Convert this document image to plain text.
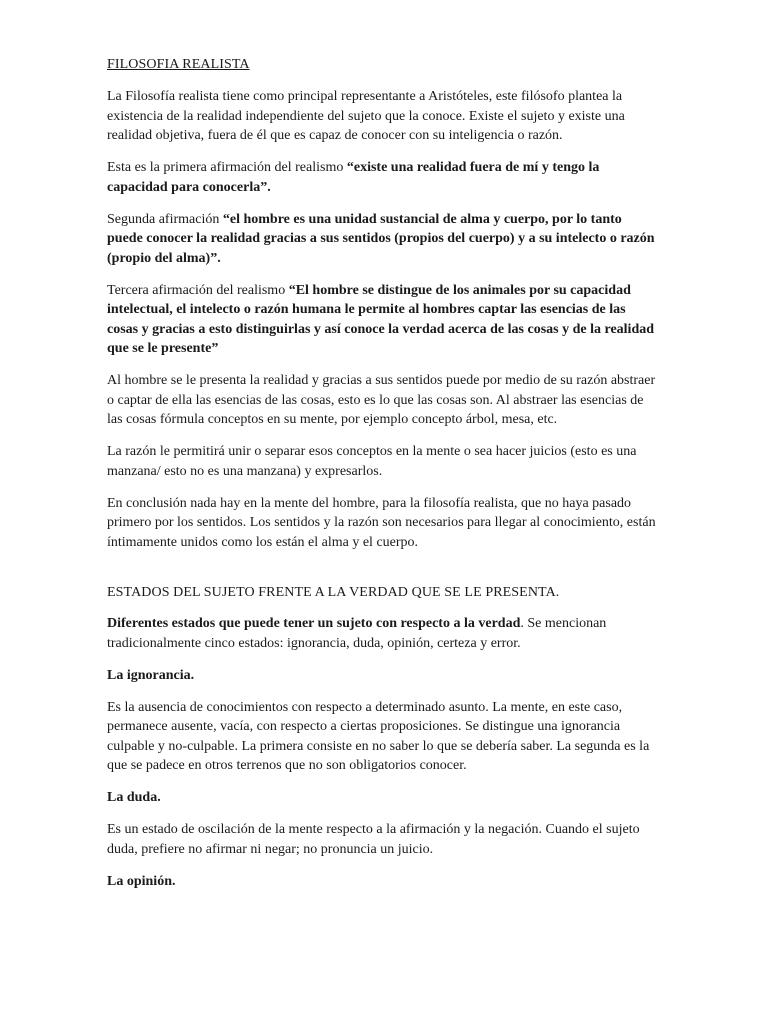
FILOSOFIA REALISTA

La Filosofía realista tiene como principal representante a Aristóteles, este filósofo plantea la existencia de la realidad independiente del sujeto que la conoce. Existe el sujeto y existe una realidad objetiva, fuera de él que es capaz de conocer con su inteligencia o razón.

Esta es la primera afirmación del realismo “existe una realidad fuera de mí y tengo la capacidad para conocerla”.

Segunda afirmación “el hombre es una unidad sustancial de alma y cuerpo, por lo tanto puede conocer la realidad gracias a sus sentidos (propios del cuerpo) y a su intelecto o razón (propio del alma)”.

Tercera afirmación del realismo “El hombre se distingue de los animales por su capacidad intelectual, el intelecto o razón humana le permite al hombres captar las esencias de las cosas y gracias a esto distinguirlas y así conoce la verdad acerca de las cosas y de la realidad que se le presente”

Al hombre se le presenta la realidad y gracias a sus sentidos puede por medio de su razón abstraer o captar de ella las esencias de las cosas, esto es lo que las cosas son. Al abstraer las esencias de las cosas fórmula conceptos en su mente, por ejemplo concepto árbol, mesa, etc.

La razón le permitirá unir o separar esos conceptos en la mente o sea hacer juicios (esto es una manzana/ esto no es una manzana) y expresarlos.

En conclusión nada hay en la mente del hombre, para la filosofía realista, que no haya pasado primero por los sentidos. Los sentidos y la razón son necesarios para llegar al conocimiento, están íntimamente unidos como los están el alma y el cuerpo.

ESTADOS DEL SUJETO FRENTE A LA VERDAD QUE SE LE PRESENTA.

Diferentes estados que puede tener un sujeto con respecto a la verdad. Se mencionan tradicionalmente cinco estados: ignorancia, duda, opinión, certeza y error.

La ignorancia.

Es la ausencia de conocimientos con respecto a determinado asunto. La mente, en este caso, permanece ausente, vacía, con respecto a ciertas proposiciones. Se distingue una ignorancia culpable y no-culpable. La primera consiste en no saber lo que se debería saber. La segunda es la que se padece en otros terrenos que no son obligatorios conocer.

La duda.

Es un estado de oscilación de la mente respecto a la afirmación y la negación. Cuando el sujeto duda, prefiere no afirmar ni negar; no pronuncia un juicio.

La opinión.
